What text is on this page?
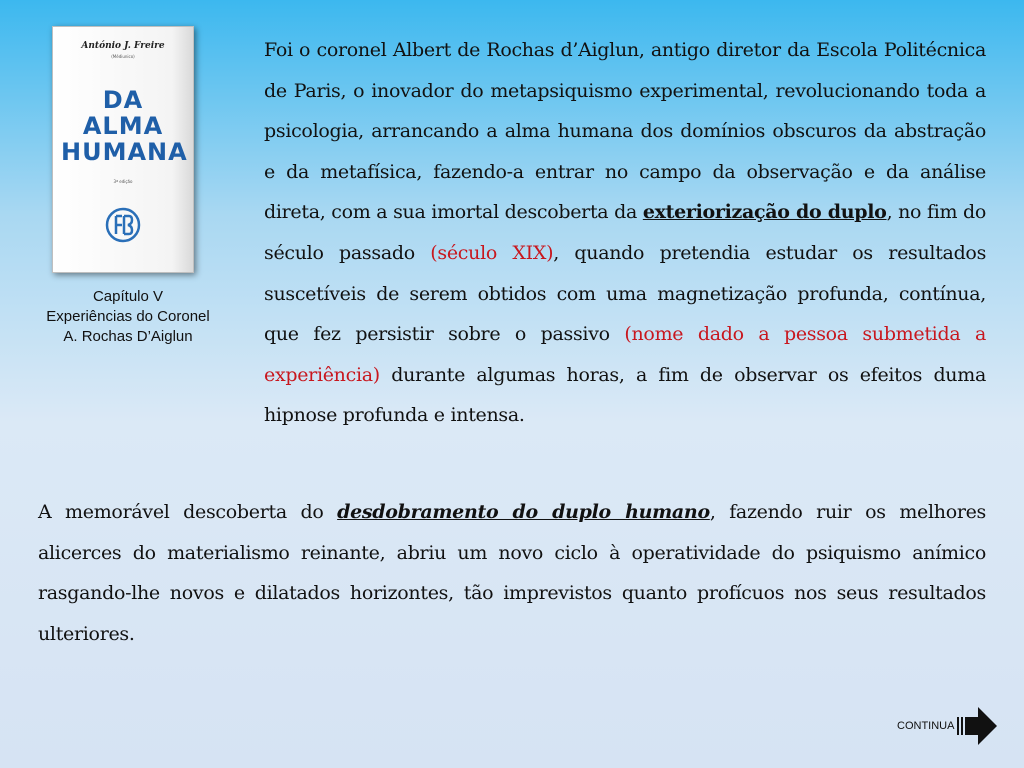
António J. Freire
(Médiunico)
DA ALMA
HUMANA
3ª edição
Capítulo V
Experiências do Coronel
A. Rochas D’Aiglun
Foi o coronel Albert de Rochas d’Aiglun, antigo diretor da Escola Politécnica de Paris, o inovador do metapsiquismo experimental, revolucionando toda a psicologia, arrancando a alma humana dos domínios obscuros da abstração e da metafísica, fazendo-a entrar no campo da observação e da análise direta, com a sua imortal descoberta da exteriorização do duplo, no fim do século passado (século XIX), quando pretendia estudar os resultados suscetíveis de serem obtidos com uma magnetização profunda, contínua, que fez persistir sobre o passivo (nome dado a pessoa submetida a experiência) durante algumas horas, a fim de observar os efeitos duma hipnose profunda e intensa.
A memorável descoberta do desdobramento do duplo humano, fazendo ruir os melhores alicerces do materialismo reinante, abriu um novo ciclo à operatividade do psiquismo anímico rasgando-lhe novos e dilatados horizontes, tão imprevistos quanto profícuos nos seus resultados ulteriores.
CONTINUA
